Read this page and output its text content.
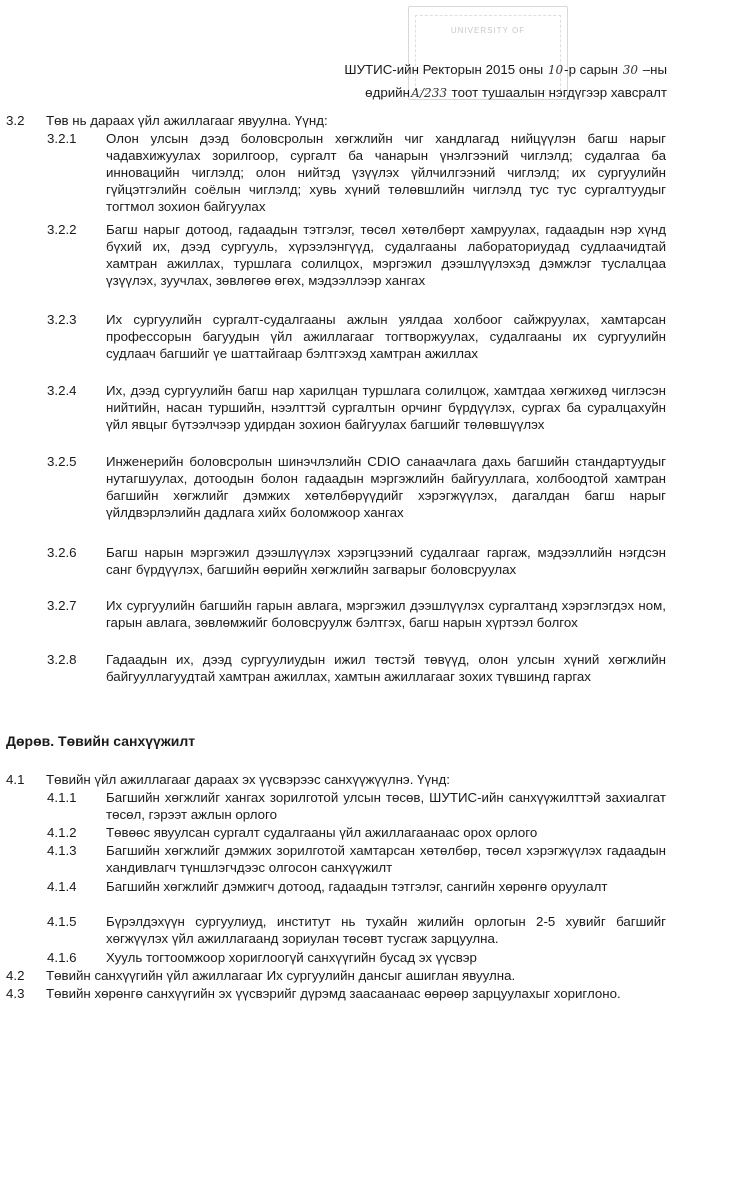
UNIVERSITY OF
ШУТИС-ийн Ректорын 2015 оны 10-р сарын 30 –ны
өдрийнА/233 тоот тушаалын нэгдүгээр хавсралт
3.2 Төв нь дараах үйл ажиллагааг явуулна. Үүнд:
3.2.1 Олон улсын дээд боловсролын хөгжлийн чиг хандлагад нийцүүлэн багш нарыг чадавхижуулах зорилгоор, сургалт ба чанарын үнэлгээний чиглэлд; судалгаа ба инновацийн чиглэлд; олон нийтэд үзүүлэх үйлчилгээний чиглэлд; их сургуулийн гүйцэтгэлийн соёлын чиглэлд; хувь хүний төлөвшлийн чиглэлд тус тус сургалтуудыг тогтмол зохион байгуулах
3.2.2 Багш нарыг дотоод, гадаадын тэтгэлэг, төсөл хөтөлбөрт хамруулах, гадаадын нэр хүнд бүхий их, дээд сургууль, хүрээлэнгүүд, судалгааны лабораториудад судлаачидтай хамтран ажиллах, туршлага солилцох, мэргэжил дээшлүүлэхэд дэмжлэг туслалцаа үзүүлэх, зуучлах, зөвлөгөө өгөх, мэдээллээр хангах
3.2.3 Их сургуулийн сургалт-судалгааны ажлын уялдаа холбоог сайжруулах, хамтарсан профессорын багуудын үйл ажиллагааг тогтворжуулах, судалгааны их сургуулийн судлаач багшийг үе шаттайгаар бэлтгэхэд хамтран ажиллах
3.2.4 Их, дээд сургуулийн багш нар харилцан туршлага солилцож, хамтдаа хөгжихөд чиглэсэн нийтийн, насан туршийн, нээлттэй сургалтын орчинг бүрдүүлэх, сургах ба суралцахуйн үйл явцыг бүтээлчээр удирдан зохион байгуулах багшийг төлөвшүүлэх
3.2.5 Инженерийн боловсролын шинэчлэлийн CDIO санаачлага дахь багшийн стандартуудыг нутагшуулах, дотоодын болон гадаадын мэргэжлийн байгууллага, холбоодтой хамтран багшийн хөгжлийг дэмжих хөтөлбөрүүдийг хэрэгжүүлэх, дагалдан багш нарыг үйлдвэрлэлийн дадлага хийх боломжоор хангах
3.2.6 Багш нарын мэргэжил дээшлүүлэх хэрэгцээний судалгааг гаргаж, мэдээллийн нэгдсэн санг бүрдүүлэх, багшийн өөрийн хөгжлийн загварыг боловсруулах
3.2.7 Их сургуулийн багшийн гарын авлага, мэргэжил дээшлүүлэх сургалтанд хэрэглэгдэх ном, гарын авлага, зөвлөмжийг боловсруулж бэлтгэх, багш нарын хүртээл болгох
3.2.8 Гадаадын их, дээд сургуулиудын ижил төстэй төвүүд, олон улсын хүний хөгжлийн байгууллагуудтай хамтран ажиллах, хамтын ажиллагааг зохих түвшинд гаргах
Дөрөв. Төвийн санхүүжилт
4.1 Төвийн үйл ажиллагааг дараах эх үүсвэрээс санхүүжүүлнэ. Үүнд:
4.1.1 Багшийн хөгжлийг хангах зорилготой улсын төсөв, ШУТИС-ийн санхүүжилттэй захиалгат төсөл, гэрээт ажлын орлого
4.1.2 Төвөөс явуулсан сургалт судалгааны үйл ажиллагаанаас орох орлого
4.1.3 Багшийн хөгжлийг дэмжих зорилготой хамтарсан хөтөлбөр, төсөл хэрэгжүүлэх гадаадын хандивлагч түншлэгчдээс олгосон санхүүжилт
4.1.4 Багшийн хөгжлийг дэмжигч дотоод, гадаадын тэтгэлэг, сангийн хөрөнгө оруулалт
4.1.5 Бүрэлдэхүүн сургуулиуд, институт нь тухайн жилийн орлогын 2-5 хувийг багшийг хөгжүүлэх үйл ажиллагаанд зориулан төсөвт тусгаж зарцуулна.
4.1.6 Хууль тогтоомжоор хориглоогүй санхүүгийн бусад эх үүсвэр
4.2 Төвийн санхүүгийн үйл ажиллагааг Их сургуулийн дансыг ашиглан явуулна.
4.3 Төвийн хөрөнгө санхүүгийн эх үүсвэрийг дүрэмд заасаанаас өөрөөр зарцуулахыг хориглоно.
